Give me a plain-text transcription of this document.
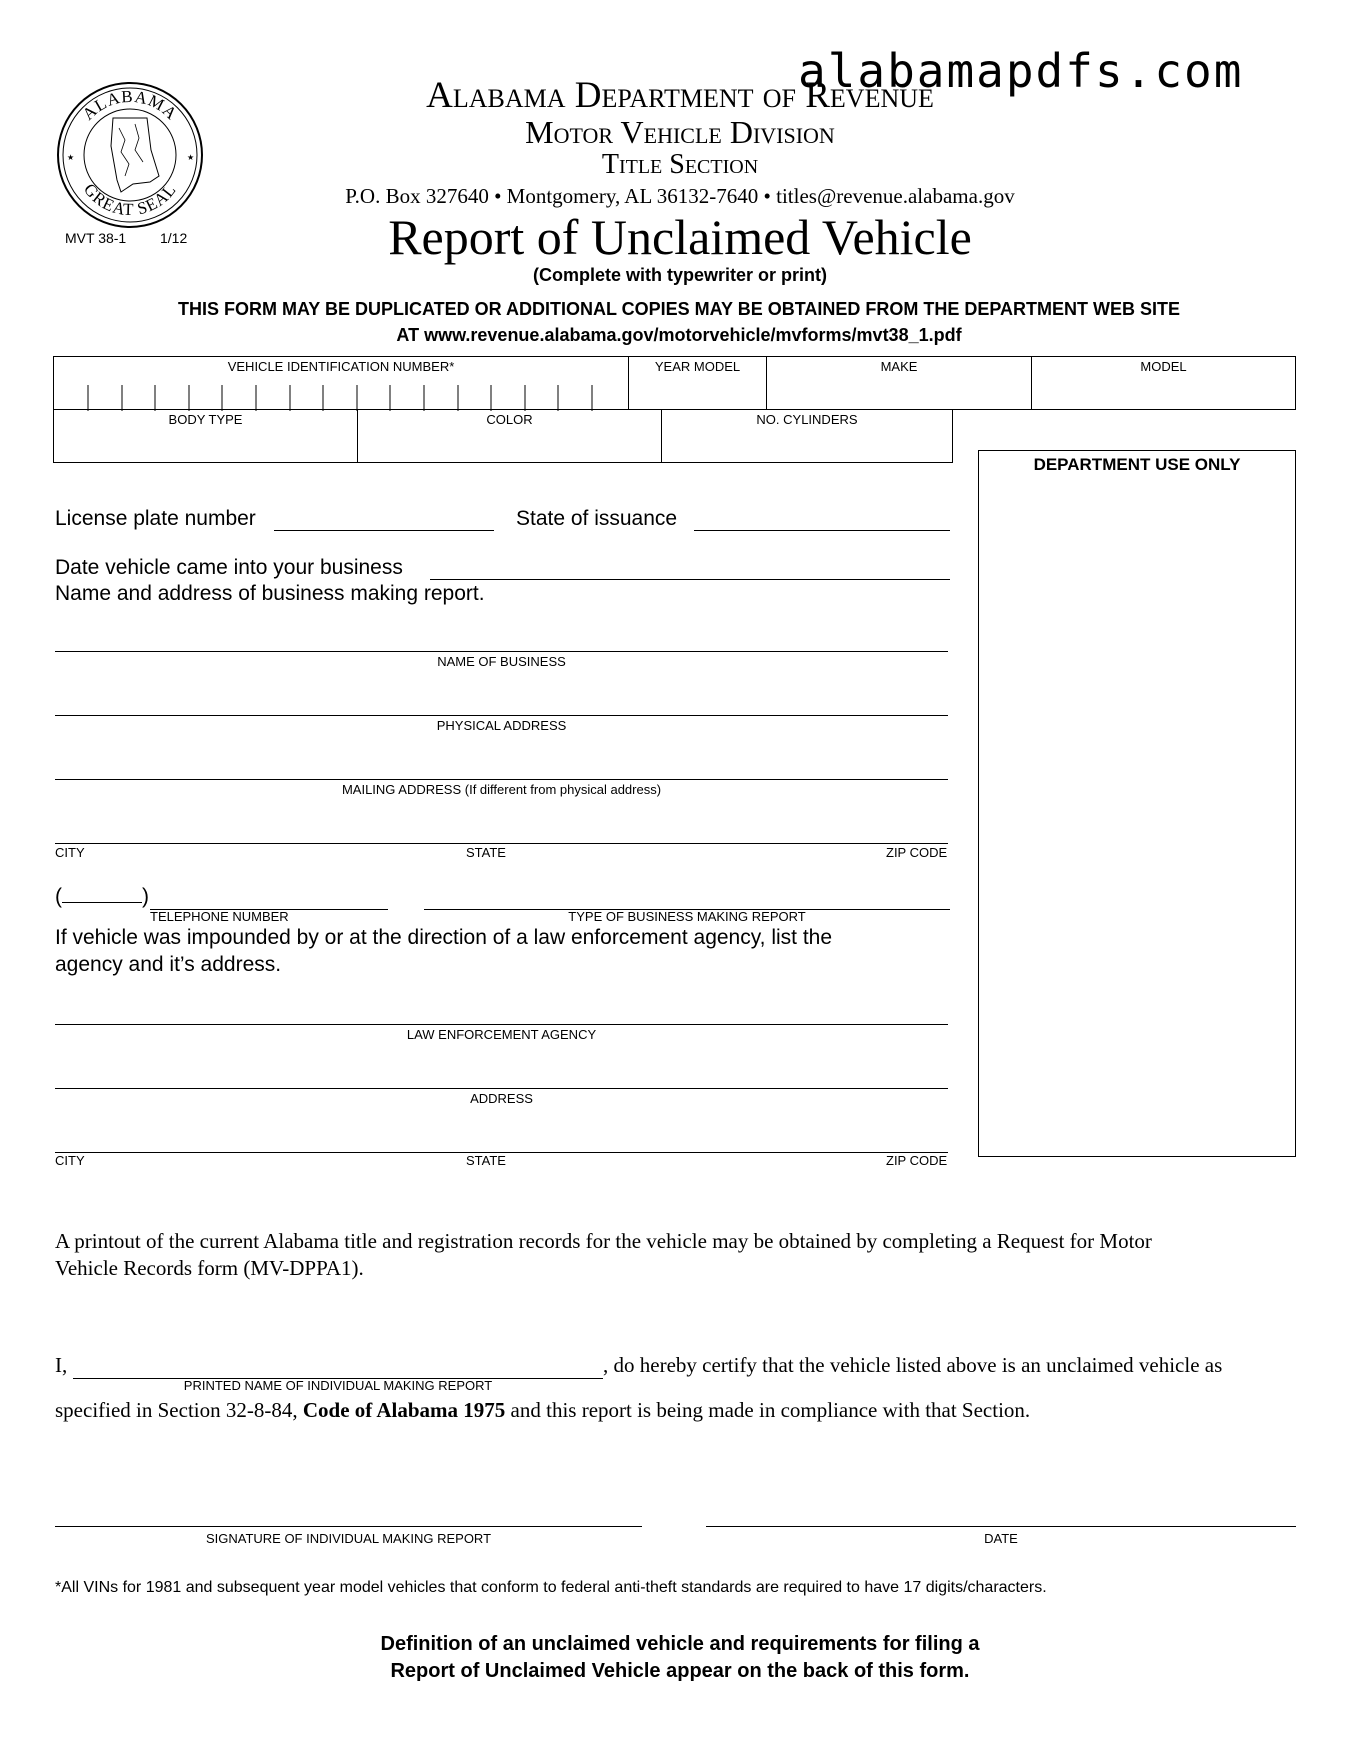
alabamapdfs.com
ALABAMA
GREAT SEAL
★	★
MVT 38-1 1/12
Alabama Department of Revenue
Motor Vehicle Division
Title Section
P.O. Box 327640 • Montgomery, AL 36132-7640 • titles@revenue.alabama.gov
Report of Unclaimed Vehicle
(Complete with typewriter or print)
THIS FORM MAY BE DUPLICATED OR ADDITIONAL COPIES MAY BE OBTAINED FROM THE DEPARTMENT WEB SITE
AT www.revenue.alabama.gov/motorvehicle/mvforms/mvt38_1.pdf
VEHICLE IDENTIFICATION NUMBER*	YEAR MODEL	MAKE	MODEL
BODY TYPE	COLOR	NO. CYLINDERS
DEPARTMENT USE ONLY
License plate number	State of issuance
Date vehicle came into your business
Name and address of business making report.
NAME OF BUSINESS
PHYSICAL ADDRESS
MAILING ADDRESS (If different from physical address)
CITY	STATE	ZIP CODE
(	)
TELEPHONE NUMBER	TYPE OF BUSINESS MAKING REPORT
If vehicle was impounded by or at the direction of a law enforcement agency, list the
agency and it’s address.
LAW ENFORCEMENT AGENCY
ADDRESS
CITY	STATE	ZIP CODE
A printout of the current Alabama title and registration records for the vehicle may be obtained by completing a Request for Motor
Vehicle Records form (MV-DPPA1).
I,
PRINTED NAME OF INDIVIDUAL MAKING REPORT
, do hereby certify that the vehicle listed above is an unclaimed vehicle as
specified in Section 32-8-84, Code of Alabama 1975 and this report is being made in compliance with that Section.
SIGNATURE OF INDIVIDUAL MAKING REPORT	DATE
*All VINs for 1981 and subsequent year model vehicles that conform to federal anti-theft standards are required to have 17 digits/characters.
Definition of an unclaimed vehicle and requirements for filing a
Report of Unclaimed Vehicle appear on the back of this form.
